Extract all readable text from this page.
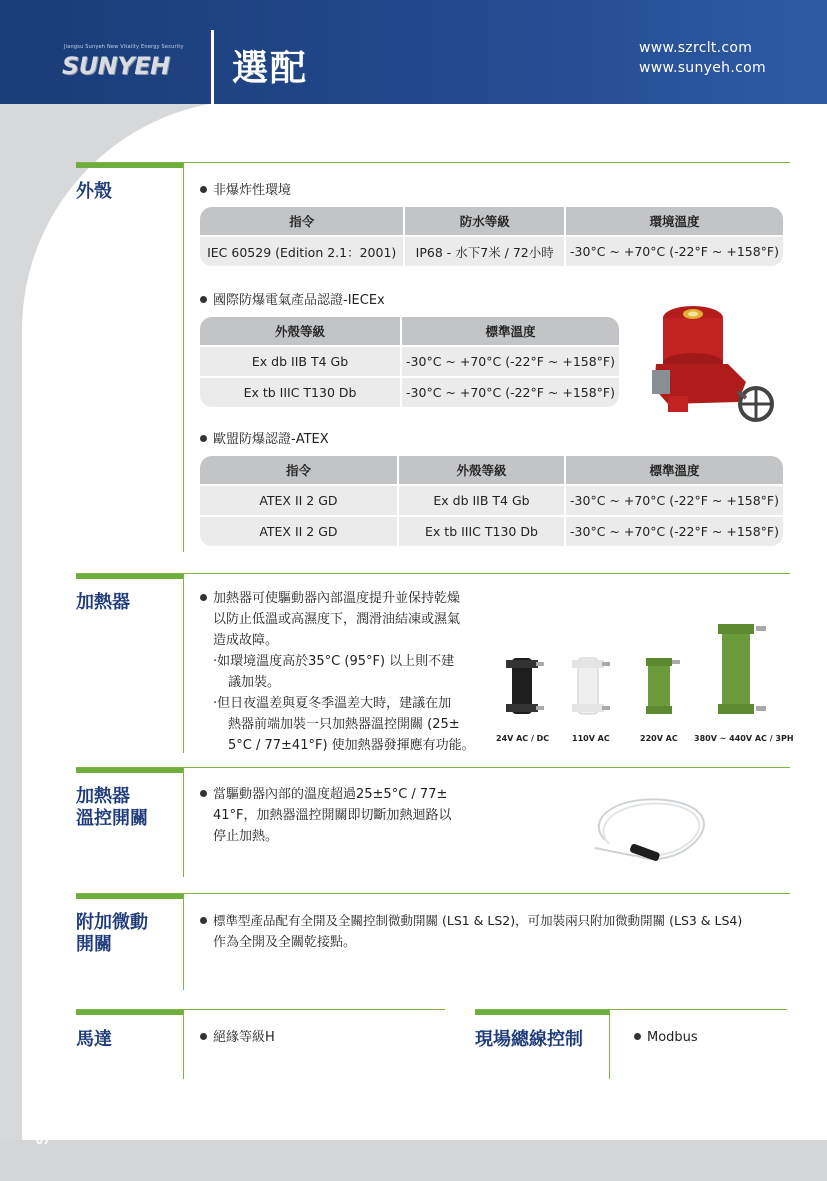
Jiangsu Sunyeh New Vitality Energy Security
SUNYEH 選配	www.szrclt.com
www.sunyeh.com
外殼	非爆炸性環境
指令	防水等級	環境溫度
IEC 60529 (Edition 2.1：2001)	IP68 - 水下7米 / 72小時	-30°C ~ +70°C (-22°F ~ +158°F)
國際防爆電氣產品認證-IECEx
外殼等級	標準溫度
Ex db IIB T4 Gb	-30°C ~ +70°C (-22°F ~ +158°F)
Ex tb IIIC T130 Db	-30°C ~ +70°C (-22°F ~ +158°F)
歐盟防爆認證-ATEX
指令	外殼等級	標準溫度
ATEX II 2 GD	Ex db IIB T4 Gb	-30°C ~ +70°C (-22°F ~ +158°F)
ATEX II 2 GD	Ex tb IIIC T130 Db	-30°C ~ +70°C (-22°F ~ +158°F)
加熱器	加熱器可使驅動器內部溫度提升並保持乾燥
以防止低溫或高濕度下，潤滑油結凍或濕氣
造成故障。
‧如環境溫度高於35°C (95°F) 以上則不建
議加裝。
‧但日夜溫差與夏冬季溫差大時，建議在加
熱器前端加裝一只加熱器溫控開關 (25±
5°C / 77±41°F) 使加熱器發揮應有功能。	24V AC / DC	110V AC	220V AC 380V ~ 440V AC / 3PH
加熱器
溫控開關
當驅動器內部的溫度超過25±5°C / 77±
41°F，加熱器溫控開關即切斷加熱迴路以
停止加熱。
附加微動
開關
標準型產品配有全開及全關控制微動開關 (LS1 & LS2)，可加裝兩只附加微動開關 (LS3 & LS4)
作為全開及全關乾接點。
馬達	絕緣等級H	現場總線控制	Modbus
07
